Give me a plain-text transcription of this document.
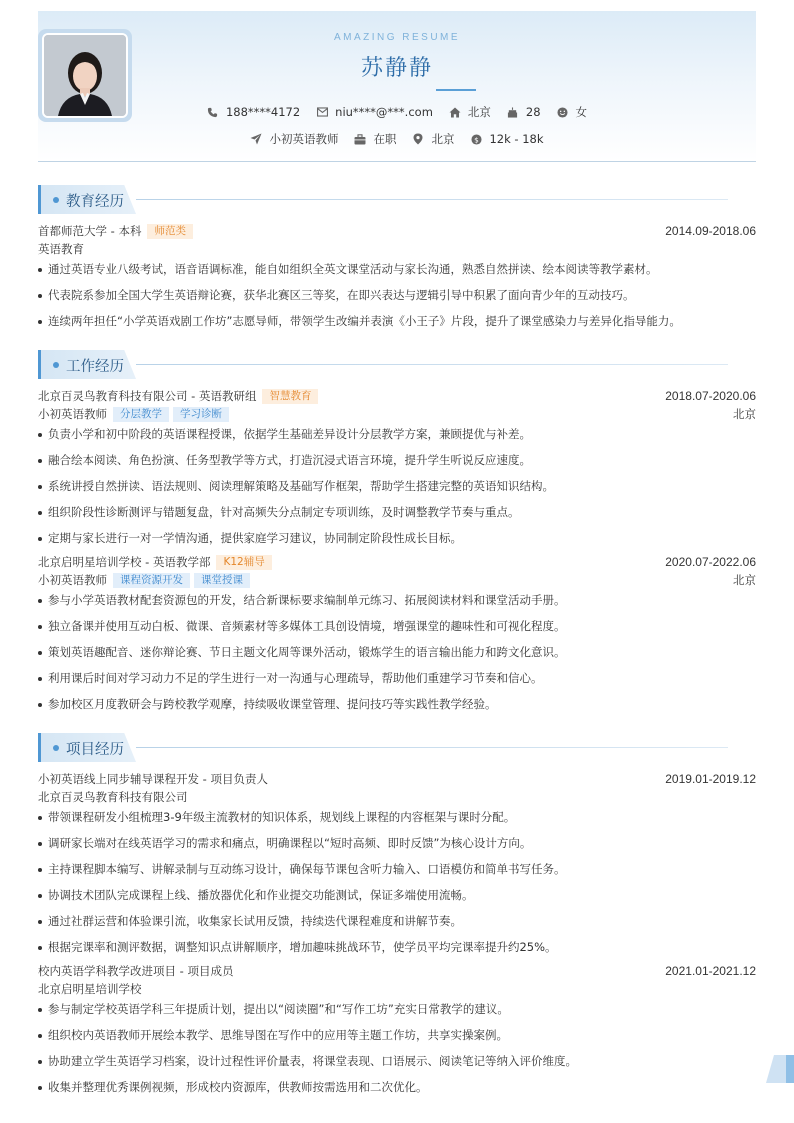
AMAZING RESUME
苏静静
188****4172	niu****@***.com	北京	28	女
小初英语教师	在职	北京 $ 12k - 18k
教育经历
首都师范大学 - 本科 师范类	2014.09-2018.06
英语教育
通过英语专业八级考试，语音语调标准，能自如组织全英文课堂活动与家长沟通，熟悉自然拼读、绘本阅读等教学素材。
代表院系参加全国大学生英语辩论赛，获华北赛区三等奖，在即兴表达与逻辑引导中积累了面向青少年的互动技巧。
连续两年担任“小学英语戏剧工作坊”志愿导师，带领学生改编并表演《小王子》片段，提升了课堂感染力与差异化指导能力。
工作经历
北京百灵鸟教育科技有限公司 - 英语教研组 智慧教育	2018.07-2020.06
小初英语教师 分层教学 学习诊断	北京
负责小学和初中阶段的英语课程授课，依据学生基础差异设计分层教学方案，兼顾提优与补差。
融合绘本阅读、角色扮演、任务型教学等方式，打造沉浸式语言环境，提升学生听说反应速度。
系统讲授自然拼读、语法规则、阅读理解策略及基础写作框架，帮助学生搭建完整的英语知识结构。
组织阶段性诊断测评与错题复盘，针对高频失分点制定专项训练，及时调整教学节奏与重点。
定期与家长进行一对一学情沟通，提供家庭学习建议，协同制定阶段性成长目标。
北京启明星培训学校 - 英语教学部 K12辅导	2020.07-2022.06
小初英语教师 课程资源开发 课堂授课	北京
参与小学英语教材配套资源包的开发，结合新课标要求编制单元练习、拓展阅读材料和课堂活动手册。
独立备课并使用互动白板、微课、音频素材等多媒体工具创设情境，增强课堂的趣味性和可视化程度。
策划英语趣配音、迷你辩论赛、节日主题文化周等课外活动，锻炼学生的语言输出能力和跨文化意识。
利用课后时间对学习动力不足的学生进行一对一沟通与心理疏导，帮助他们重建学习节奏和信心。
参加校区月度教研会与跨校教学观摩，持续吸收课堂管理、提问技巧等实践性教学经验。
项目经历
小初英语线上同步辅导课程开发 - 项目负责人	2019.01-2019.12
北京百灵鸟教育科技有限公司
带领课程研发小组梳理3-9年级主流教材的知识体系，规划线上课程的内容框架与课时分配。
调研家长端对在线英语学习的需求和痛点，明确课程以“短时高频、即时反馈”为核心设计方向。
主持课程脚本编写、讲解录制与互动练习设计，确保每节课包含听力输入、口语模仿和简单书写任务。
协调技术团队完成课程上线、播放器优化和作业提交功能测试，保证多端使用流畅。
通过社群运营和体验课引流，收集家长试用反馈，持续迭代课程难度和讲解节奏。
根据完课率和测评数据，调整知识点讲解顺序，增加趣味挑战环节，使学员平均完课率提升约25%。
校内英语学科教学改进项目 - 项目成员	2021.01-2021.12
北京启明星培训学校
参与制定学校英语学科三年提质计划，提出以“阅读圈”和“写作工坊”充实日常教学的建议。
组织校内英语教师开展绘本教学、思维导图在写作中的应用等主题工作坊，共享实操案例。
协助建立学生英语学习档案，设计过程性评价量表，将课堂表现、口语展示、阅读笔记等纳入评价维度。
收集并整理优秀课例视频，形成校内资源库，供教师按需选用和二次优化。
